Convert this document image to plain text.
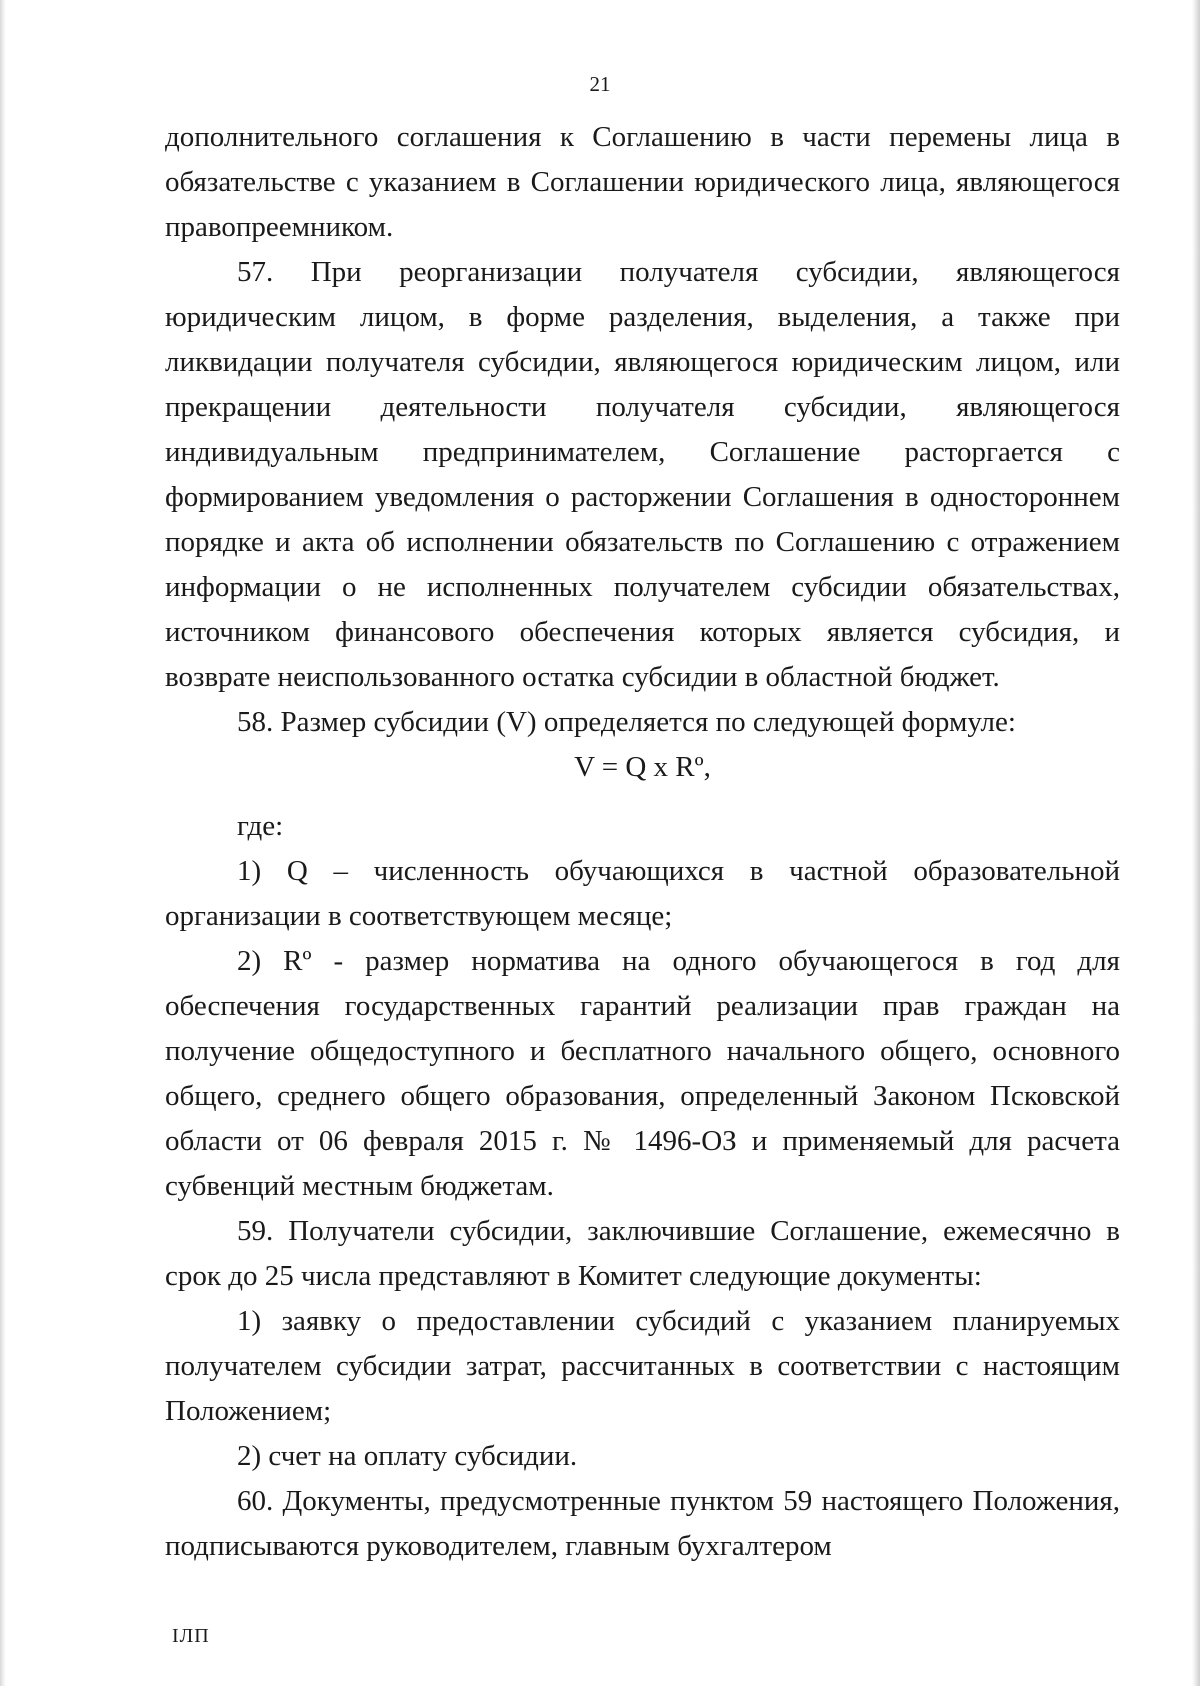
21

дополнительного соглашения к Соглашению в части перемены лица в обязательстве с указанием в Соглашении юридического лица, являющегося правопреемником.

57. При реорганизации получателя субсидии, являющегося юридическим лицом, в форме разделения, выделения, а также при ликвидации получателя субсидии, являющегося юридическим лицом, или прекращении деятельности получателя субсидии, являющегося индивидуальным предпринимателем, Соглашение расторгается с формированием уведомления о расторжении Соглашения в одностороннем порядке и акта об исполнении обязательств по Соглашению с отражением информации о не исполненных получателем субсидии обязательствах, источником финансового обеспечения которых является субсидия, и возврате неиспользованного остатка субсидии в областной бюджет.

58. Размер субсидии (V) определяется по следующей формуле:

V = Q x Rº,

где:

1) Q – численность обучающихся в частной образовательной организации в соответствующем месяце;

2) Rº - размер норматива на одного обучающегося в год для обеспечения государственных гарантий реализации прав граждан на получение общедоступного и бесплатного начального общего, основного общего, среднего общего образования, определенный Законом Псковской области от 06 февраля 2015 г. № 1496-ОЗ и применяемый для расчета субвенций местным бюджетам.

59. Получатели субсидии, заключившие Соглашение, ежемесячно в срок до 25 числа представляют в Комитет следующие документы:

1) заявку о предоставлении субсидий с указанием планируемых получателем субсидии затрат, рассчитанных в соответствии с настоящим Положением;

2) счет на оплату субсидии.

60. Документы, предусмотренные пунктом 59 настоящего Положения, подписываются руководителем, главным бухгалтером

ІЛП
